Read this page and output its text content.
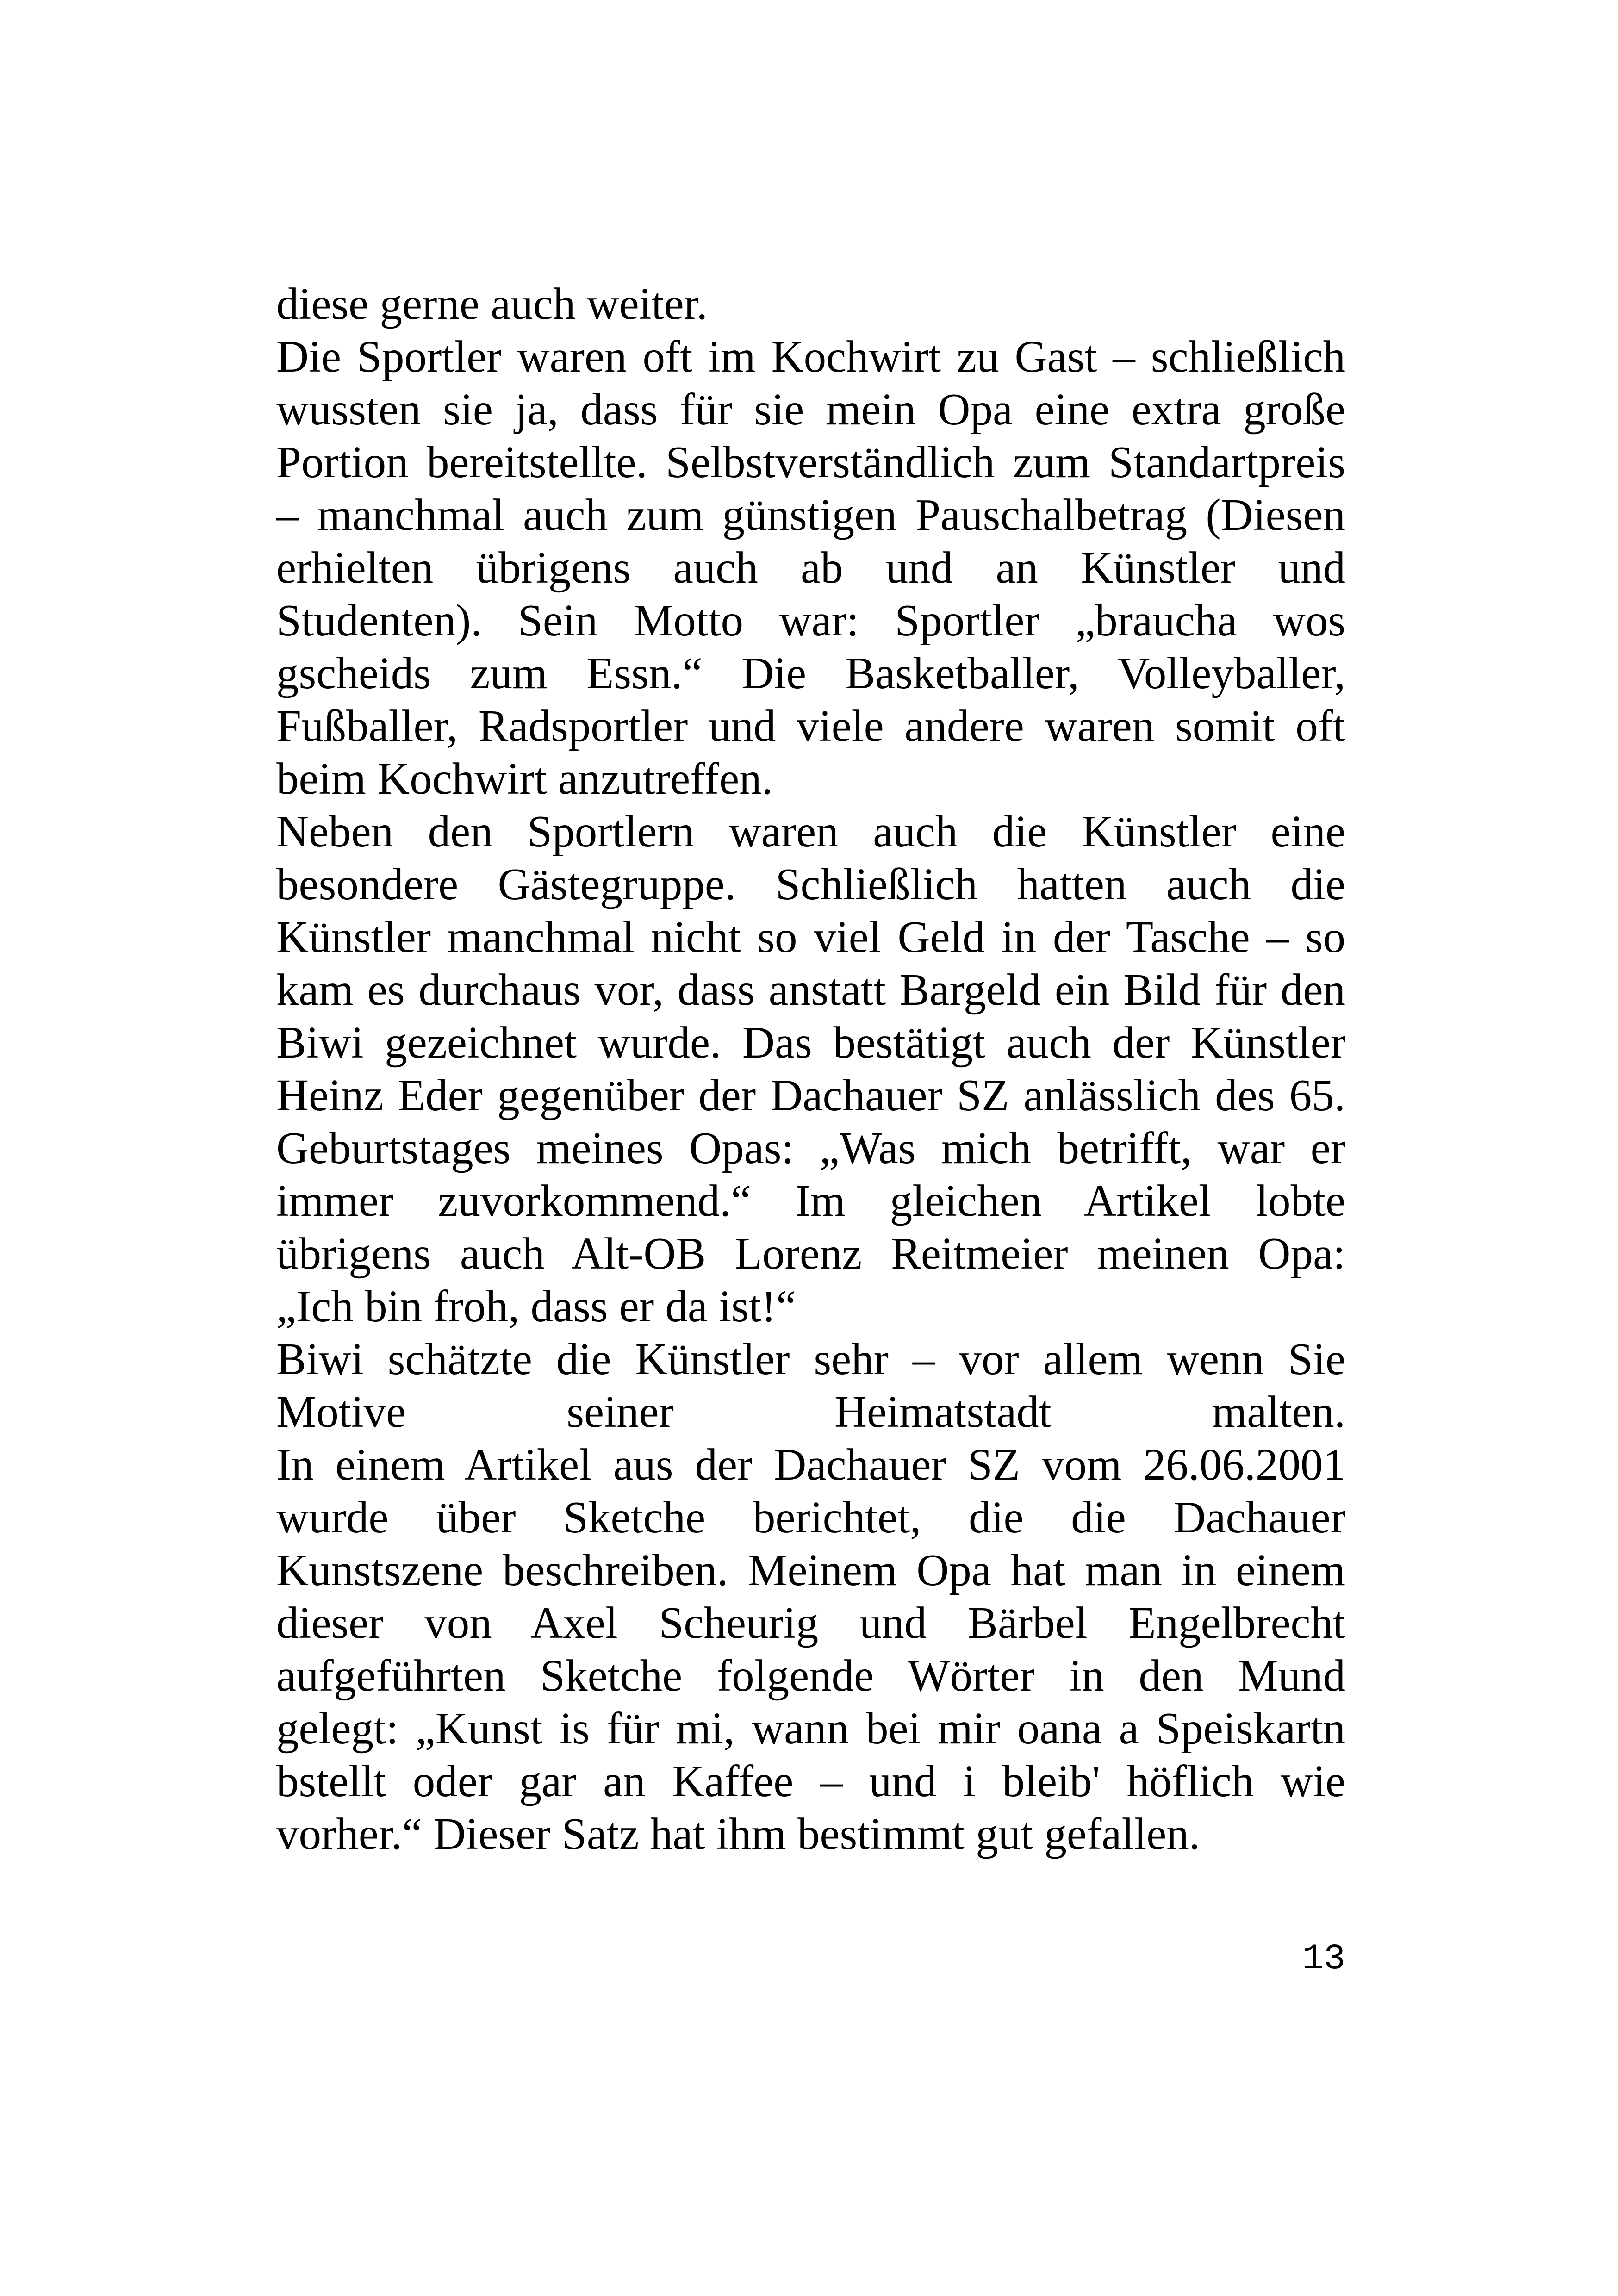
diese gerne auch weiter.
Die Sportler waren oft im Kochwirt zu Gast – schließlich
wussten sie ja, dass für sie mein Opa eine extra große
Portion bereitstellte. Selbstverständlich zum Standartpreis
– manchmal auch zum günstigen Pauschalbetrag (Diesen
erhielten übrigens auch ab und an Künstler und
Studenten). Sein Motto war: Sportler „braucha wos
gscheids zum Essn.“ Die Basketballer, Volleyballer,
Fußballer, Radsportler und viele andere waren somit oft
beim Kochwirt anzutreffen.
Neben den Sportlern waren auch die Künstler eine
besondere Gästegruppe. Schließlich hatten auch die
Künstler manchmal nicht so viel Geld in der Tasche – so
kam es durchaus vor, dass anstatt Bargeld ein Bild für den
Biwi gezeichnet wurde. Das bestätigt auch der Künstler
Heinz Eder gegenüber der Dachauer SZ anlässlich des 65.
Geburtstages meines Opas: „Was mich betrifft, war er
immer zuvorkommend.“ Im gleichen Artikel lobte
übrigens auch Alt-OB Lorenz Reitmeier meinen Opa:
„Ich bin froh, dass er da ist!“
Biwi schätzte die Künstler sehr – vor allem wenn Sie
Motive seiner Heimatstadt malten.
In einem Artikel aus der Dachauer SZ vom 26.06.2001
wurde über Sketche berichtet, die die Dachauer
Kunstszene beschreiben. Meinem Opa hat man in einem
dieser von Axel Scheurig und Bärbel Engelbrecht
aufgeführten Sketche folgende Wörter in den Mund
gelegt: „Kunst is für mi, wann bei mir oana a Speiskartn
bstellt oder gar an Kaffee – und i bleib' höflich wie
vorher.“ Dieser Satz hat ihm bestimmt gut gefallen.
13
